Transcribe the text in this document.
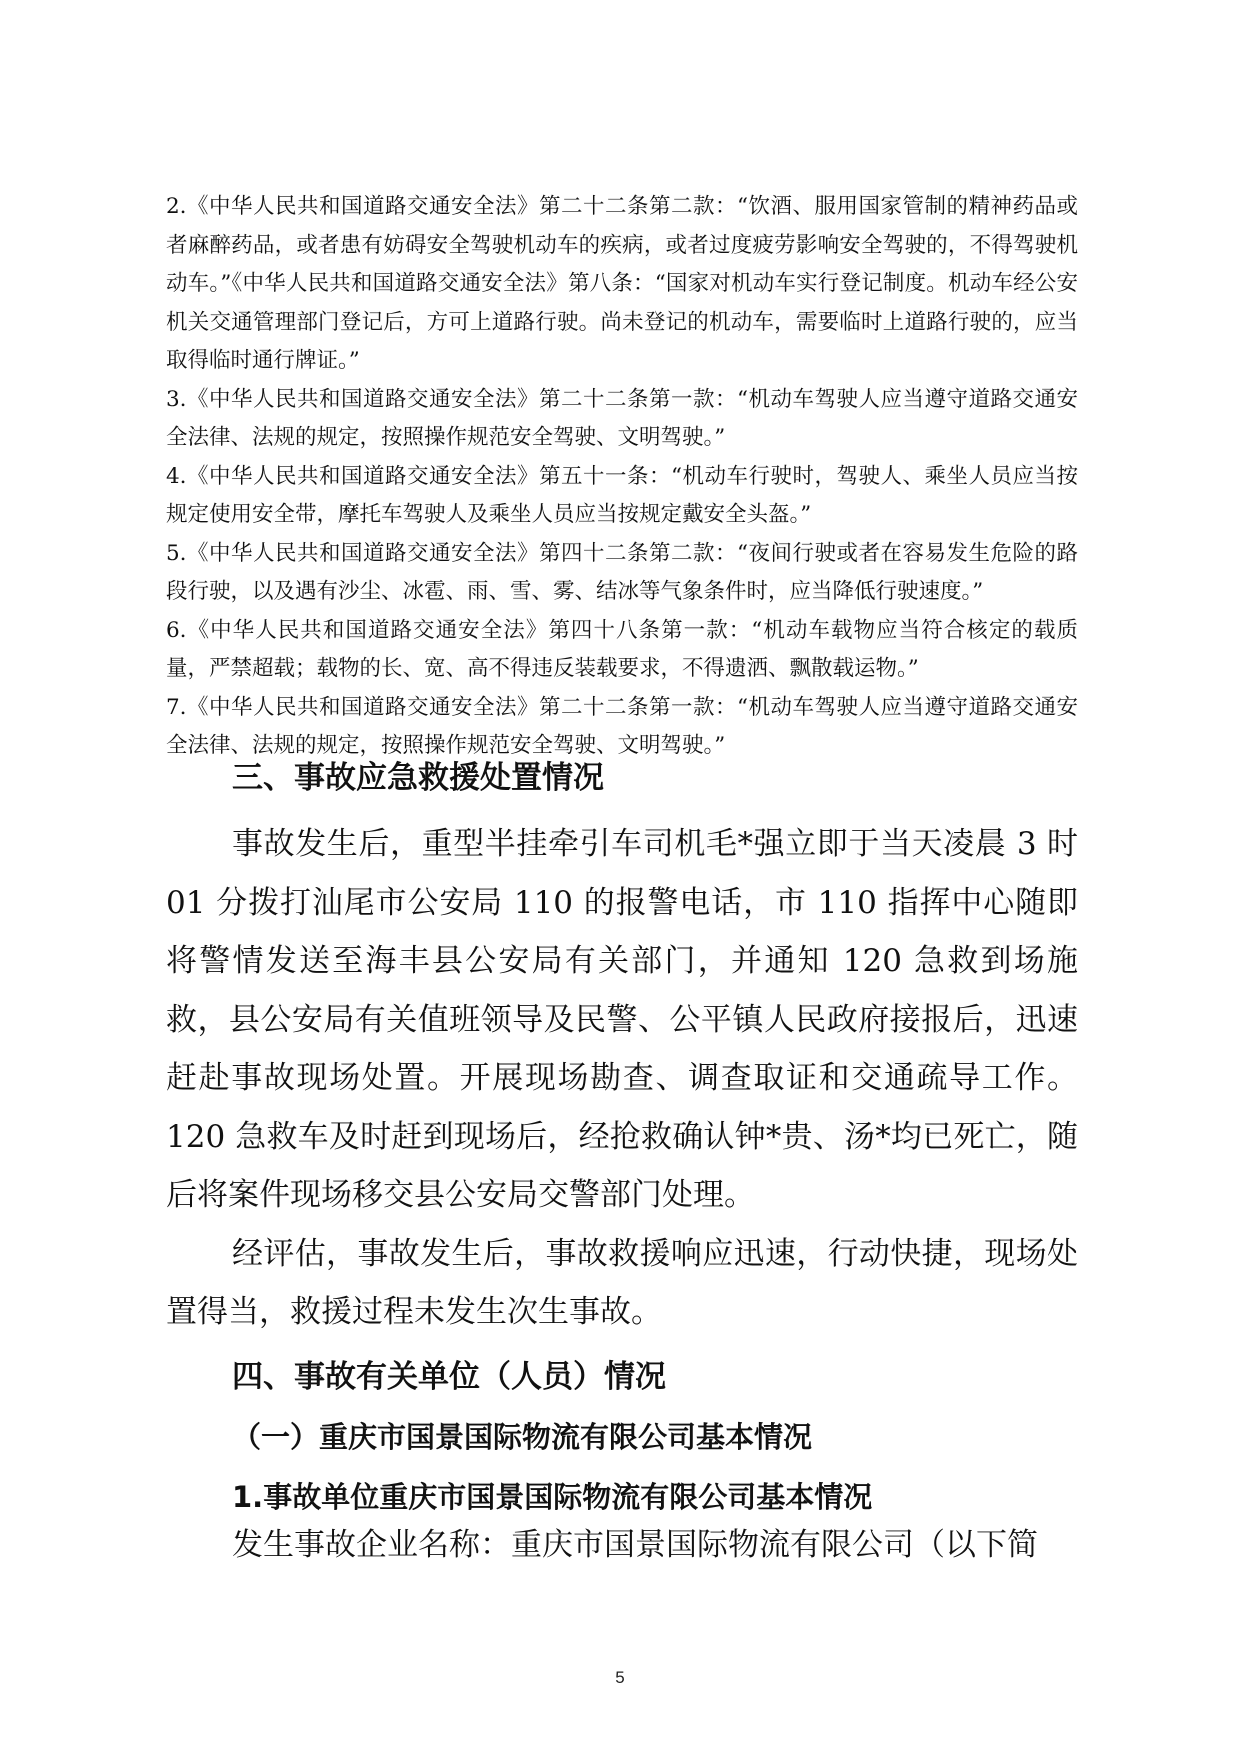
2.《中华人民共和国道路交通安全法》第二十二条第二款：“饮酒、服用国家管制的精神药品或者麻醉药品，或者患有妨碍安全驾驶机动车的疾病，或者过度疲劳影响安全驾驶的，不得驾驶机动车。”《中华人民共和国道路交通安全法》第八条：“国家对机动车实行登记制度。机动车经公安机关交通管理部门登记后，方可上道路行驶。尚未登记的机动车，需要临时上道路行驶的，应当取得临时通行牌证。”

3.《中华人民共和国道路交通安全法》第二十二条第一款：“机动车驾驶人应当遵守道路交通安全法律、法规的规定，按照操作规范安全驾驶、文明驾驶。”

4.《中华人民共和国道路交通安全法》第五十一条：“机动车行驶时，驾驶人、乘坐人员应当按规定使用安全带，摩托车驾驶人及乘坐人员应当按规定戴安全头盔。”

5.《中华人民共和国道路交通安全法》第四十二条第二款：“夜间行驶或者在容易发生危险的路段行驶，以及遇有沙尘、冰雹、雨、雪、雾、结冰等气象条件时，应当降低行驶速度。”

6.《中华人民共和国道路交通安全法》第四十八条第一款：“机动车载物应当符合核定的载质量，严禁超载；载物的长、宽、高不得违反装载要求，不得遗洒、飘散载运物。”

7.《中华人民共和国道路交通安全法》第二十二条第一款：“机动车驾驶人应当遵守道路交通安全法律、法规的规定，按照操作规范安全驾驶、文明驾驶。”

三、事故应急救援处置情况

事故发生后，重型半挂牵引车司机毛*强立即于当天凌晨 3 时 01 分拨打汕尾市公安局 110 的报警电话，市 110 指挥中心随即将警情发送至海丰县公安局有关部门，并通知 120 急救到场施救，县公安局有关值班领导及民警、公平镇人民政府接报后，迅速赶赴事故现场处置。开展现场勘查、调查取证和交通疏导工作。120 急救车及时赶到现场后，经抢救确认钟*贵、汤*均已死亡，随后将案件现场移交县公安局交警部门处理。

经评估，事故发生后，事故救援响应迅速，行动快捷，现场处置得当，救援过程未发生次生事故。

四、事故有关单位（人员）情况
（一）重庆市国景国际物流有限公司基本情况
1.事故单位重庆市国景国际物流有限公司基本情况

发生事故企业名称：重庆市国景国际物流有限公司（以下简

5
